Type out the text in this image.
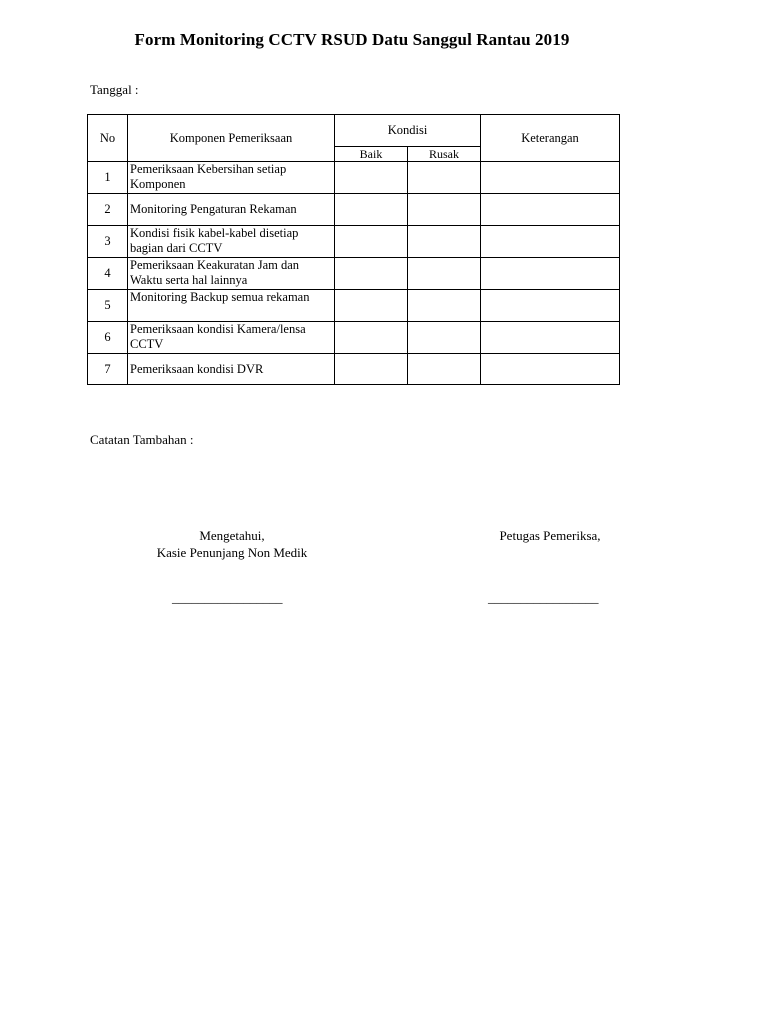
Form Monitoring CCTV RSUD Datu Sanggul Rantau 2019
Tanggal :
No	Komponen Pemeriksaan	Kondisi		Keterangan
		Baik	Rusak	
1	Pemeriksaan Kebersihan setiap Komponen			
2	Monitoring Pengaturan Rekaman			
3	Kondisi fisik kabel-kabel disetiap bagian dari CCTV			
4	Pemeriksaan Keakuratan Jam dan Waktu serta hal lainnya			
5	Monitoring Backup semua rekaman			
6	Pemeriksaan kondisi Kamera/lensa CCTV			
7	Pemeriksaan kondisi DVR			
Catatan Tambahan :
Mengetahui,
Kasie Penunjang Non Medik
Petugas Pemeriksa,
_________________	_________________
